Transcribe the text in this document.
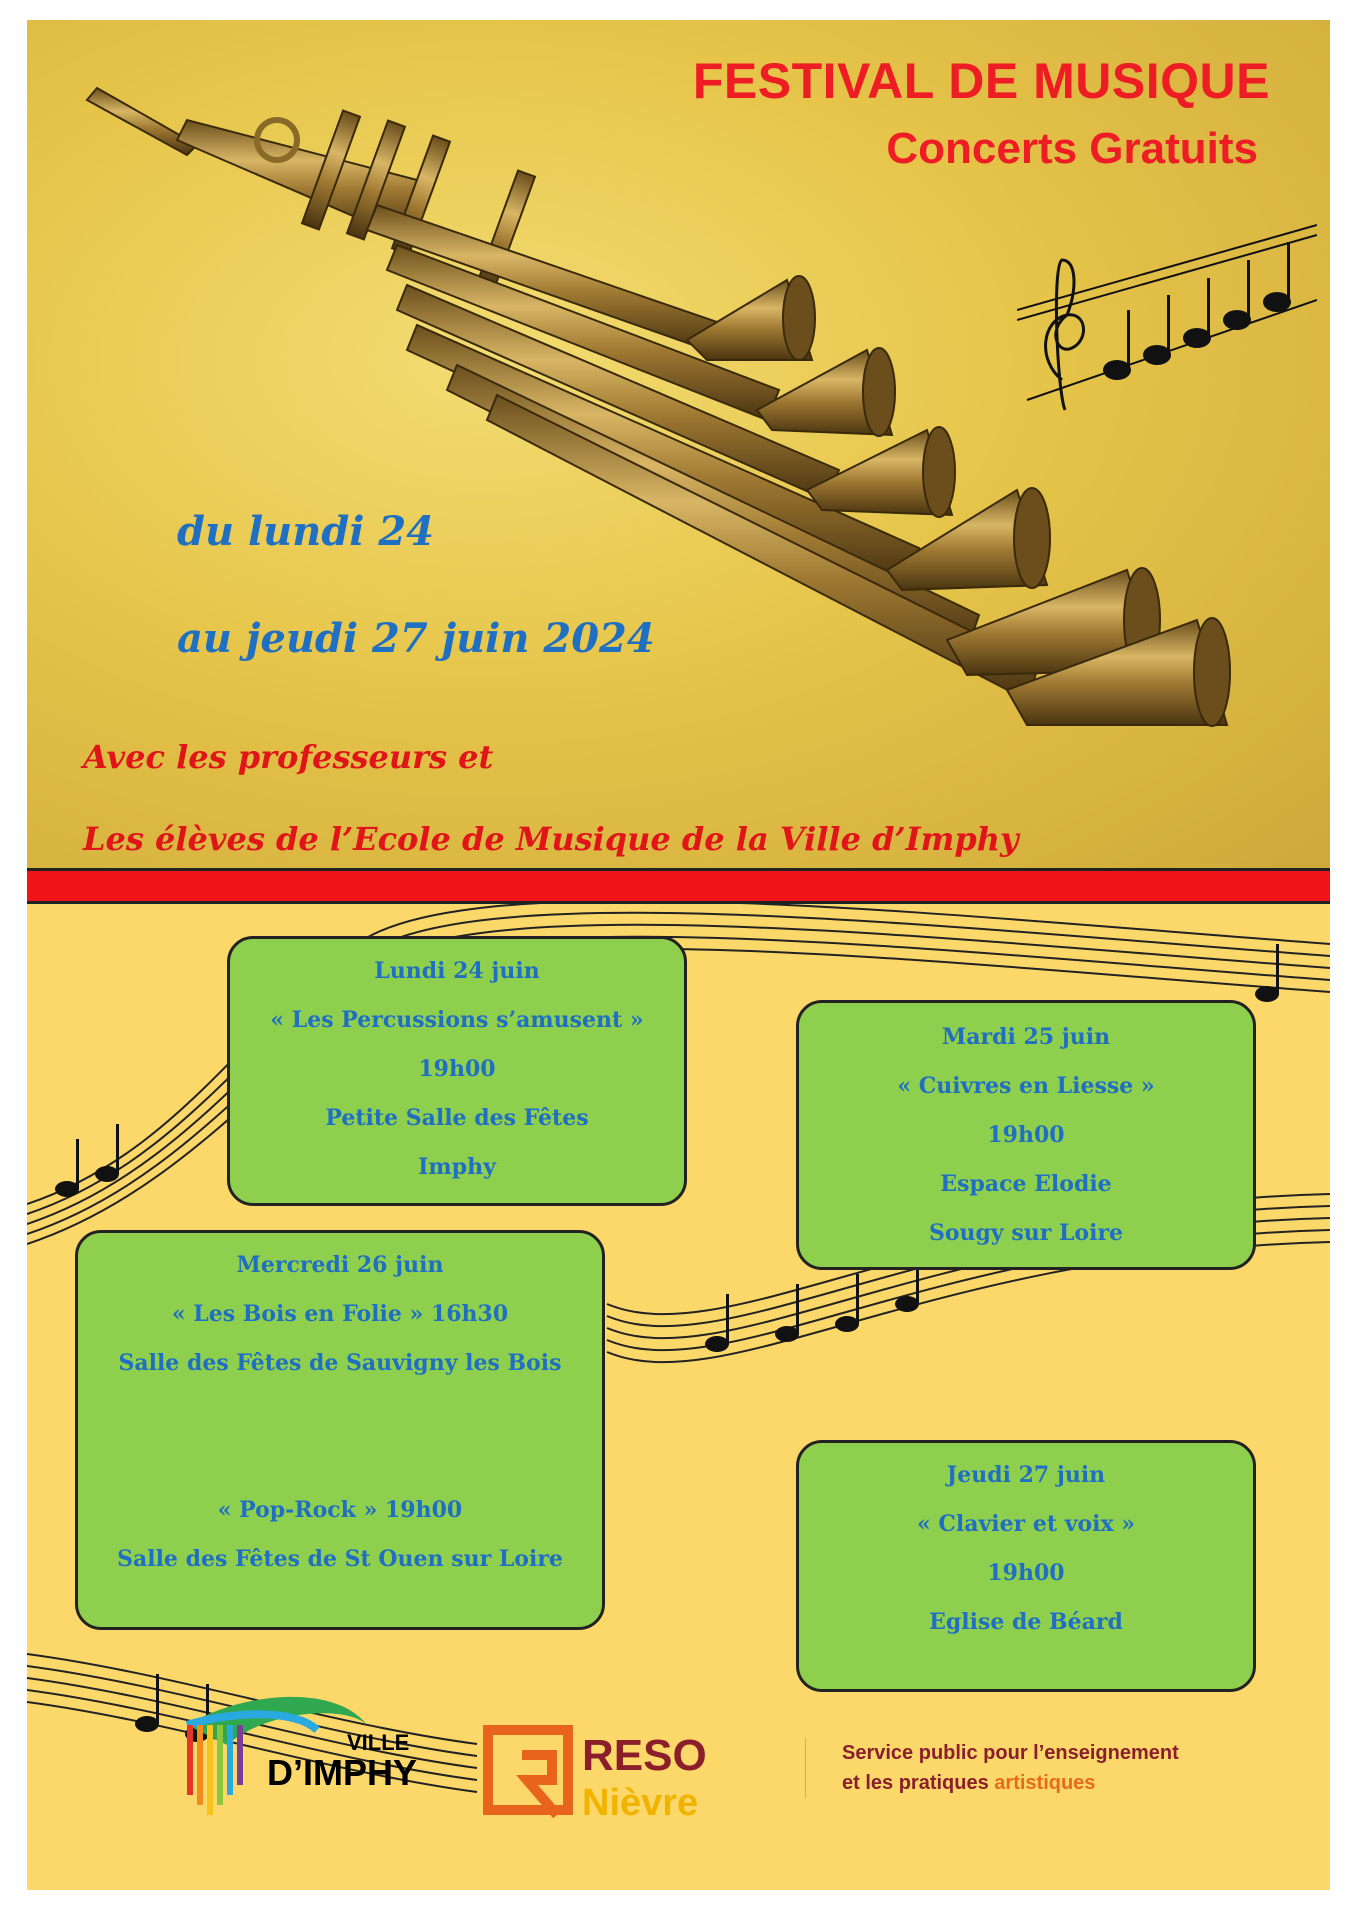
FESTIVAL DE MUSIQUE
Concerts Gratuits
du lundi 24
au jeudi 27 juin 2024
Avec les professeurs et
Les élèves de l’Ecole de Musique de la Ville d’Imphy
Lundi 24 juin
« Les Percussions s’amusent »
19h00
Petite Salle des Fêtes
Imphy
Mardi 25 juin
« Cuivres en Liesse »
19h00
Espace Elodie
Sougy sur Loire
Mercredi 26 juin
« Les Bois en Folie » 16h30
Salle des Fêtes de Sauvigny les Bois
« Pop-Rock » 19h00
Salle des Fêtes de St Ouen sur Loire
Jeudi 27 juin
« Clavier et voix »
19h00
Eglise de Béard
VILLE
D’IMPHY	RESO
Nièvre
Service public pour l’enseignement
et les pratiques artistiques
